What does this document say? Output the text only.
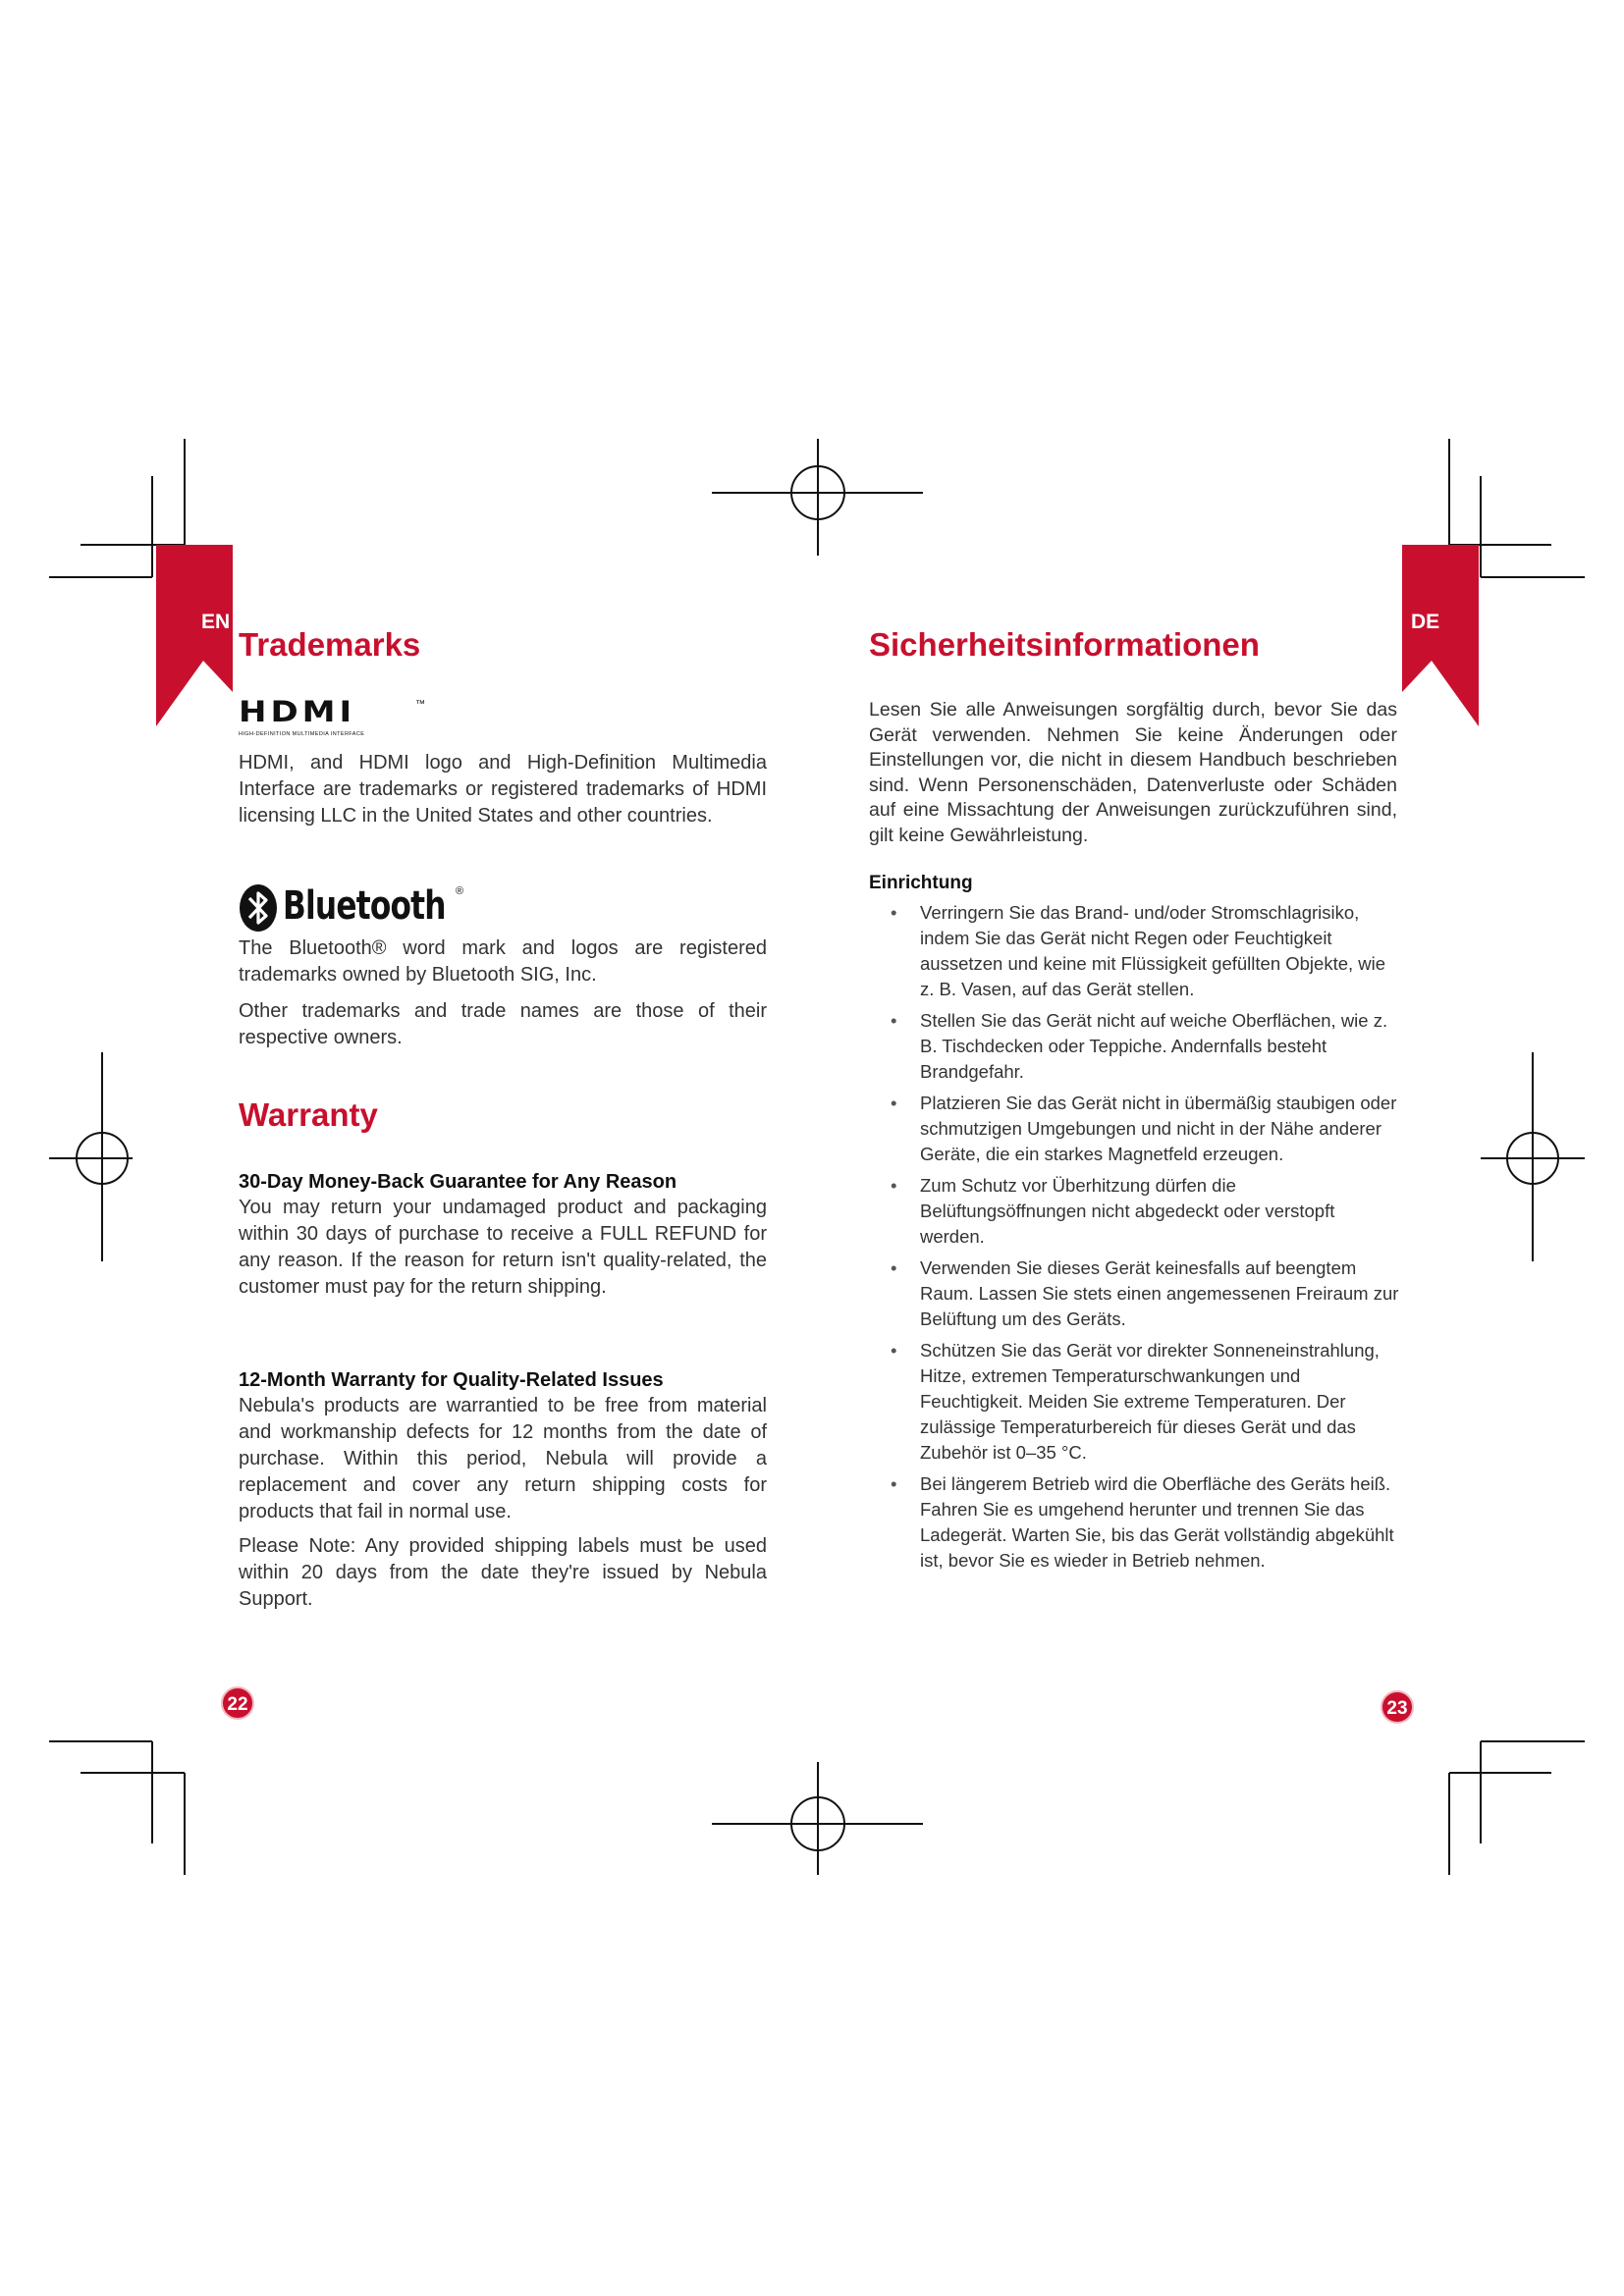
EN	DE
Trademarks
HDMI	™
HIGH-DEFINITION MULTIMEDIA INTERFACE

HDMI, and HDMI logo and High-Definition Multimedia Interface are trademarks or registered trademarks of HDMI licensing LLC in the United States and other countries.

Bluetooth ®

The Bluetooth® word mark and logos are registered trademarks owned by Bluetooth SIG, Inc.

Other trademarks and trade names are those of their respective owners.

Warranty

30-Day Money-Back Guarantee for Any Reason

You may return your undamaged product and packaging within 30 days of purchase to receive a FULL REFUND for any reason. If the reason for return isn't quality-related, the customer must pay for the return shipping.

12-Month Warranty for Quality-Related Issues

Nebula's products are warrantied to be free from material and workmanship defects for 12 months from the date of purchase. Within this period, Nebula will provide a replacement and cover any return shipping costs for products that fail in normal use.

Please Note: Any provided shipping labels must be used within 20 days from the date they're issued by Nebula Support.

22
Sicherheitsinformationen

Lesen Sie alle Anweisungen sorgfältig durch, bevor Sie das Gerät verwenden. Nehmen Sie keine Änderungen oder Einstellungen vor, die nicht in diesem Handbuch beschrieben sind. Wenn Personenschäden, Datenverluste oder Schäden auf eine Missachtung der Anweisungen zurückzuführen sind, gilt keine Gewährleistung.

Einrichtung

• Verringern Sie das Brand- und/oder Stromschlagrisiko, indem Sie das Gerät nicht Regen oder Feuchtigkeit aussetzen und keine mit Flüssigkeit gefüllten Objekte, wie z. B. Vasen, auf das Gerät stellen.
• Stellen Sie das Gerät nicht auf weiche Oberflächen, wie z. B. Tischdecken oder Teppiche. Andernfalls besteht Brandgefahr.
• Platzieren Sie das Gerät nicht in übermäßig staubigen oder schmutzigen Umgebungen und nicht in der Nähe anderer Geräte, die ein starkes Magnetfeld erzeugen.
• Zum Schutz vor Überhitzung dürfen die Belüftungsöffnungen nicht abgedeckt oder verstopft werden.
• Verwenden Sie dieses Gerät keinesfalls auf beengtem Raum. Lassen Sie stets einen angemessenen Freiraum zur Belüftung um des Geräts.
• Schützen Sie das Gerät vor direkter Sonneneinstrahlung, Hitze, extremen Temperaturschwankungen und Feuchtigkeit. Meiden Sie extreme Temperaturen. Der zulässige Temperaturbereich für dieses Gerät und das Zubehör ist 0–35 °C.
• Bei längerem Betrieb wird die Oberfläche des Geräts heiß. Fahren Sie es umgehend herunter und trennen Sie das Ladegerät. Warten Sie, bis das Gerät vollständig abgekühlt ist, bevor Sie es wieder in Betrieb nehmen.
23
